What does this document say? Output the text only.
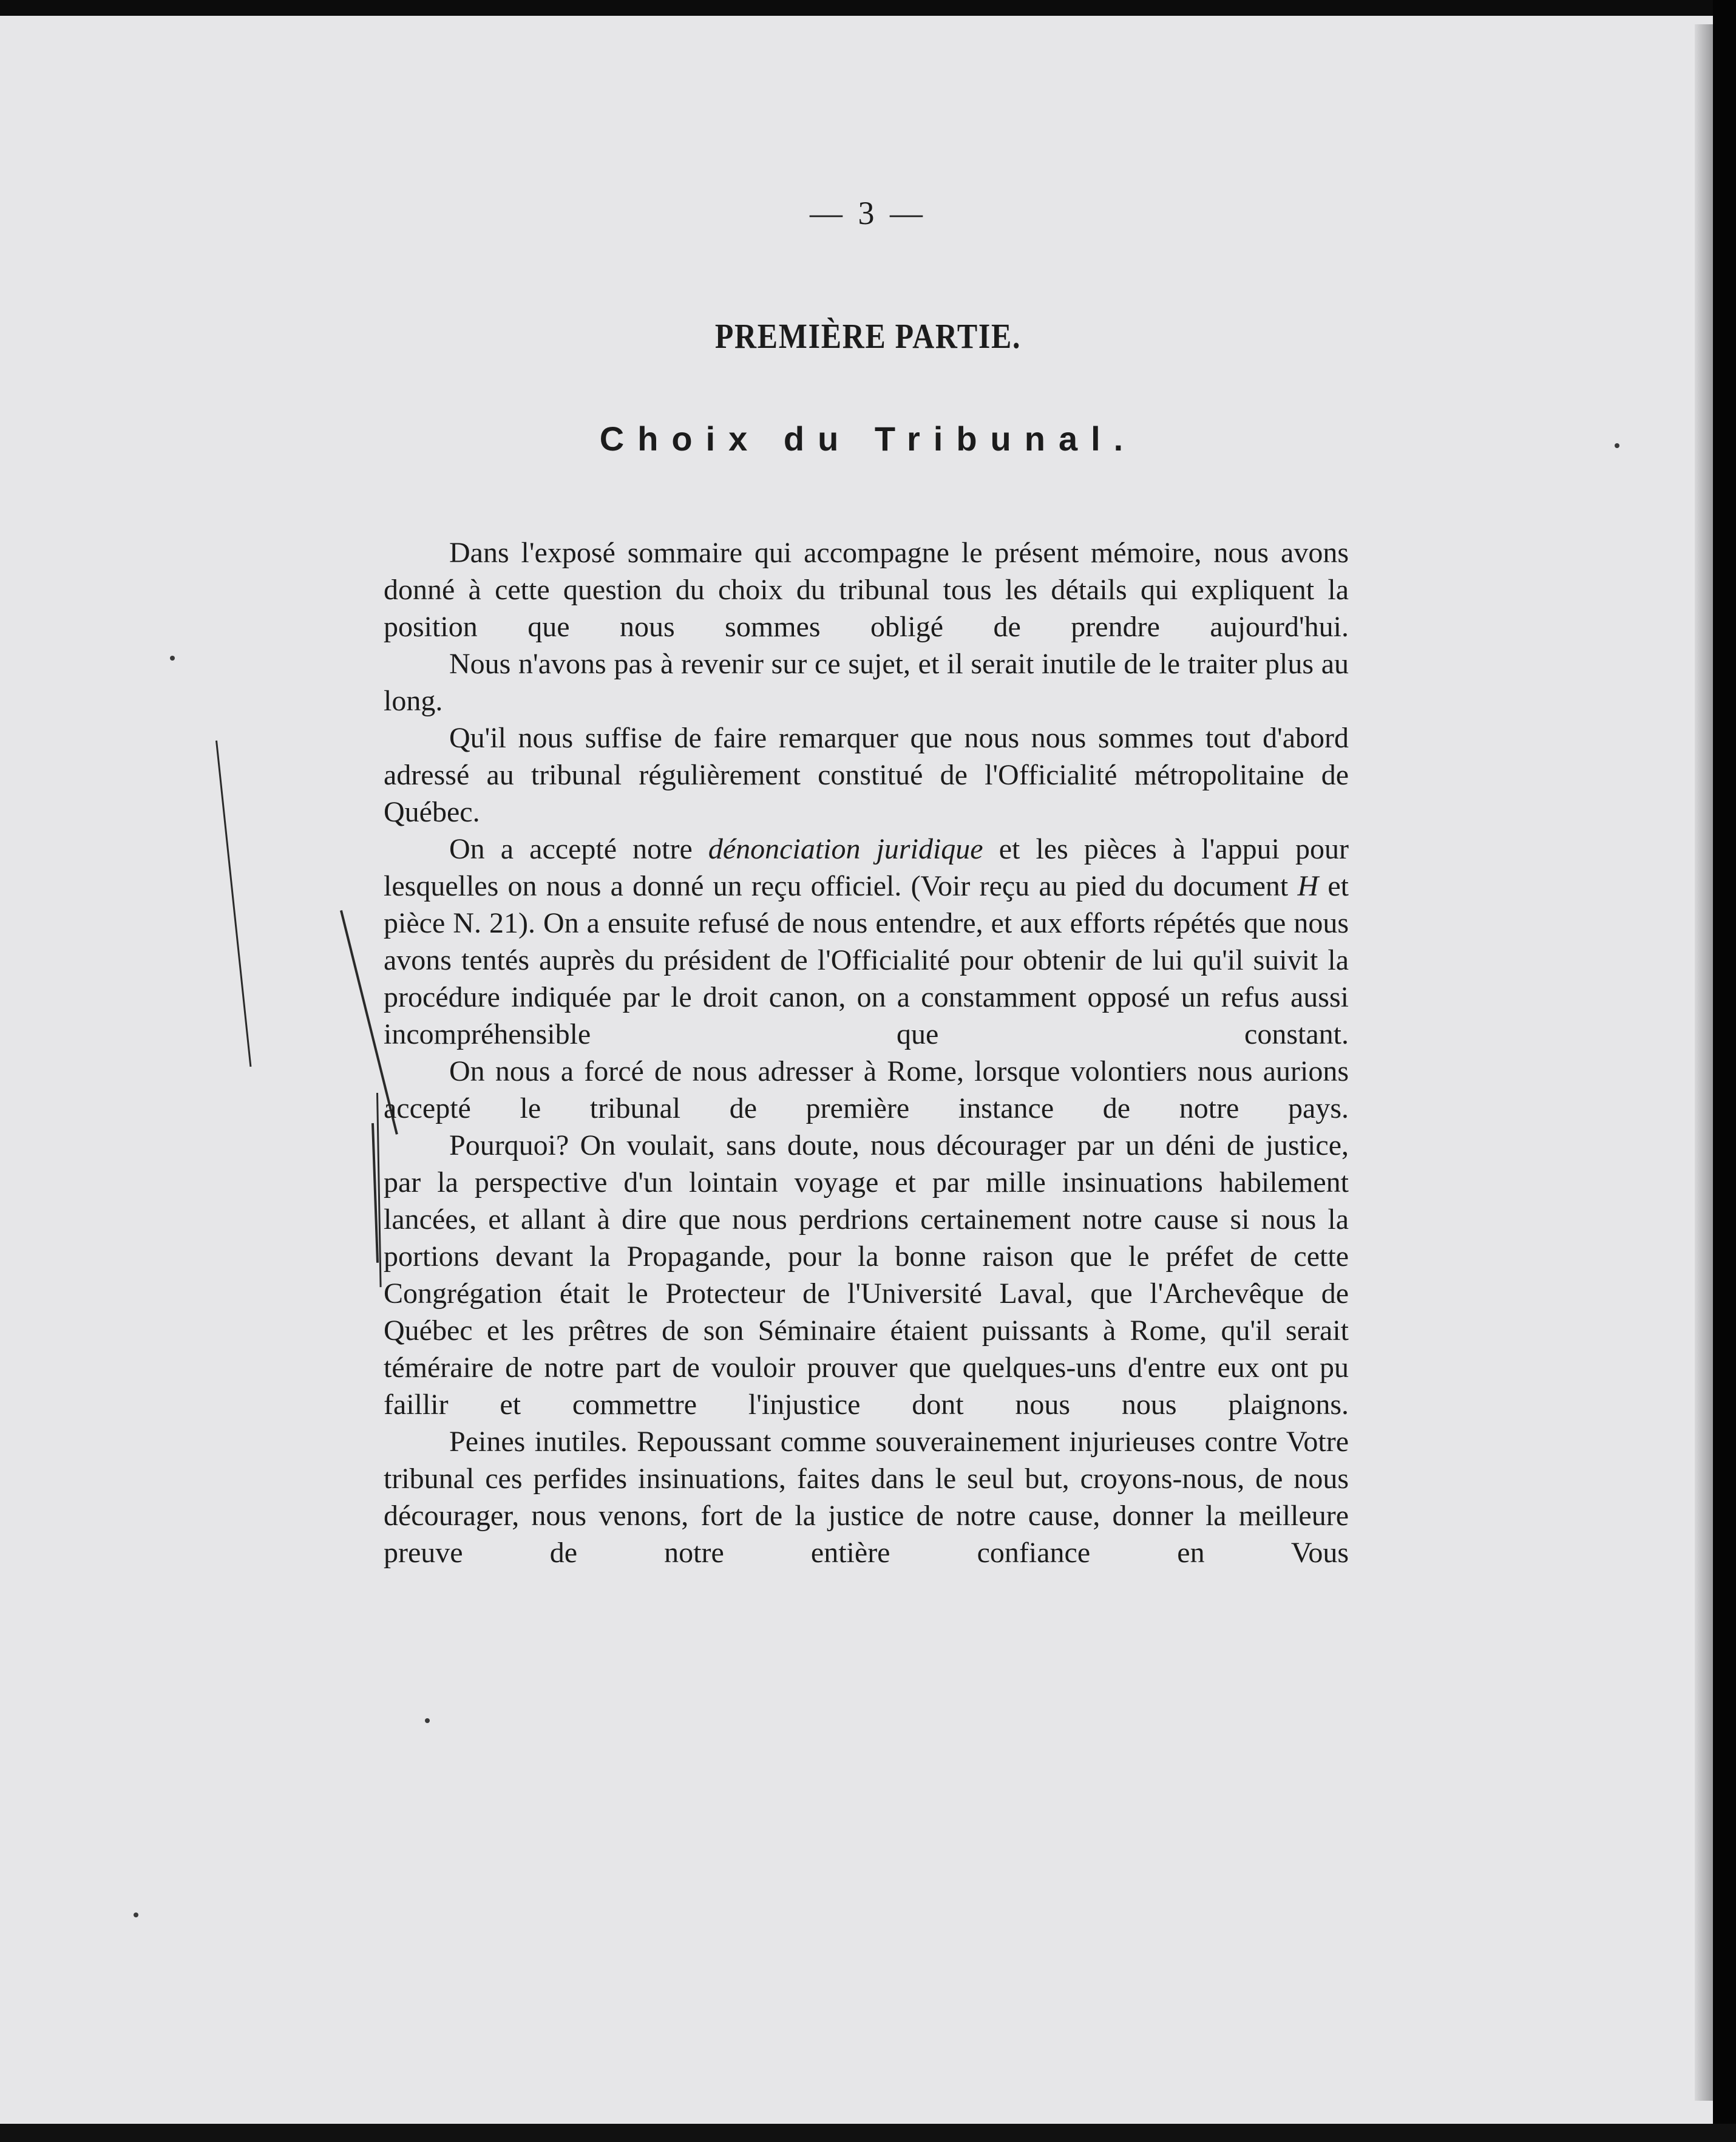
— 3 —
PREMIÈRE PARTIE.
Choix du Tribunal.

Dans l'exposé sommaire qui accompagne le présent mémoire, nous avons donné à cette question du choix du tribunal tous les détails qui expliquent la position que nous sommes obligé de prendre aujourd'hui.

Nous n'avons pas à revenir sur ce sujet, et il serait inutile de le traiter plus au long.

Qu'il nous suffise de faire remarquer que nous nous sommes tout d'abord adressé au tribunal régulièrement constitué de l'Officialité métropolitaine de Québec.

On a accepté notre dénonciation juridique et les pièces à l'appui pour lesquelles on nous a donné un reçu officiel. (Voir reçu au pied du document H et pièce N. 21). On a ensuite refusé de nous entendre, et aux efforts répétés que nous avons tentés auprès du président de l'Officialité pour obtenir de lui qu'il suivit la procédure indiquée par le droit canon, on a constamment opposé un refus aussi incompréhensible que constant.

On nous a forcé de nous adresser à Rome, lorsque volontiers nous aurions accepté le tribunal de première instance de notre pays.

Pourquoi? On voulait, sans doute, nous décourager par un déni de justice, par la perspective d'un lointain voyage et par mille insinuations habilement lancées, et allant à dire que nous perdrions certainement notre cause si nous la portions devant la Propagande, pour la bonne raison que le préfet de cette Congrégation était le Protecteur de l'Université Laval, que l'Archevêque de Québec et les prêtres de son Séminaire étaient puissants à Rome, qu'il serait téméraire de notre part de vouloir prouver que quelques-uns d'entre eux ont pu faillir et commettre l'injustice dont nous nous plaignons.

Peines inutiles. Repoussant comme souverainement injurieuses contre Votre tribunal ces perfides insinuations, faites dans le seul but, croyons-nous, de nous décourager, nous venons, fort de la justice de notre cause, donner la meilleure preuve de notre entière confiance en Vous
